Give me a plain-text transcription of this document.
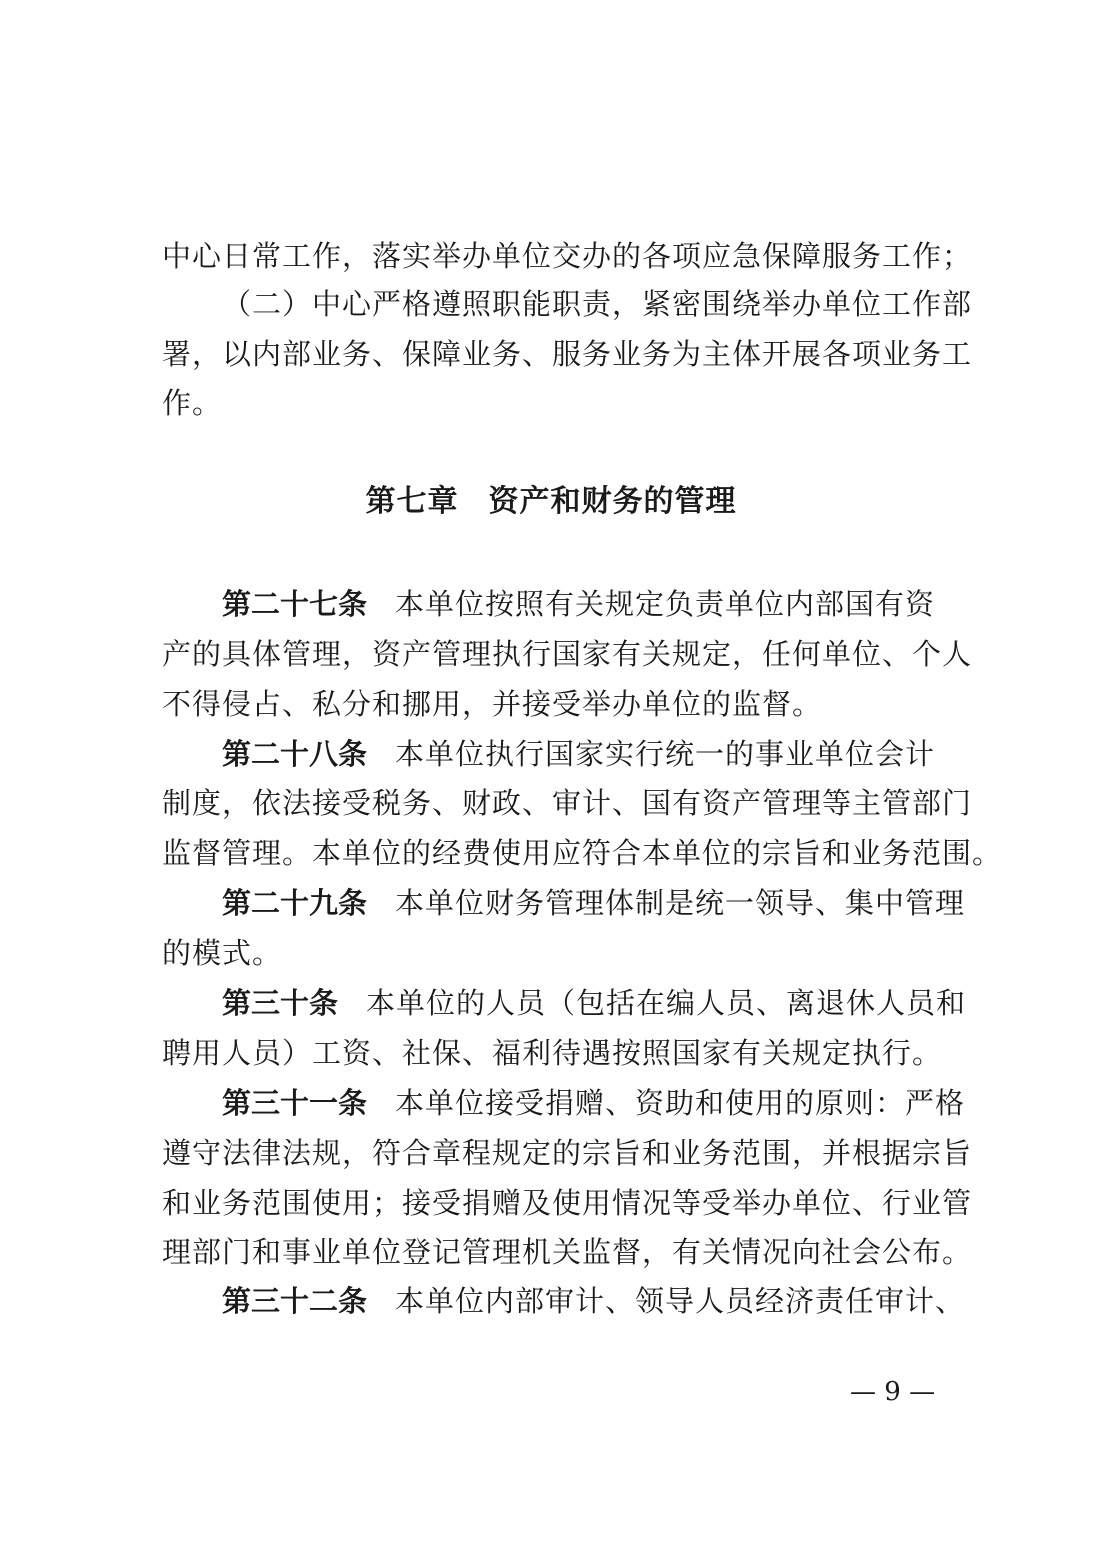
中心日常工作，落实举办单位交办的各项应急保障服务工作；
（二）中心严格遵照职能职责，紧密围绕举办单位工作部
署，以内部业务、保障业务、服务业务为主体开展各项业务工
作。
第七章 资产和财务的管理
第二十七条 本单位按照有关规定负责单位内部国有资
产的具体管理，资产管理执行国家有关规定，任何单位、个人
不得侵占、私分和挪用，并接受举办单位的监督。
第二十八条 本单位执行国家实行统一的事业单位会计
制度，依法接受税务、财政、审计、国有资产管理等主管部门
监督管理。本单位的经费使用应符合本单位的宗旨和业务范围。
第二十九条 本单位财务管理体制是统一领导、集中管理
的模式。
第三十条 本单位的人员（包括在编人员、离退休人员和
聘用人员）工资、社保、福利待遇按照国家有关规定执行。
第三十一条 本单位接受捐赠、资助和使用的原则：严格
遵守法律法规，符合章程规定的宗旨和业务范围，并根据宗旨
和业务范围使用；接受捐赠及使用情况等受举办单位、行业管
理部门和事业单位登记管理机关监督，有关情况向社会公布。
第三十二条 本单位内部审计、领导人员经济责任审计、
— 9 —
